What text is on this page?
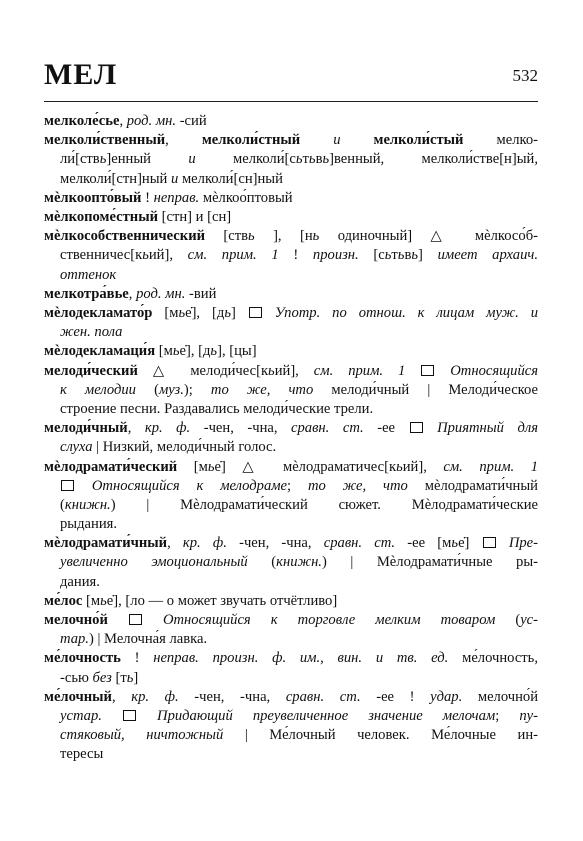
МЕЛ	532
мелколе́сье, род. мн. -сий
мелколи́ственный, мелколи́стный и мелколи́стый мелко-
ли́[ствь]енный и мелколи́[сьтьвь]венный, мелколи́стве[н]ый,
мелколи́[стн]ный и мелколи́[сн]ный
мѐлкоопто́вый ! неправ. мѐлкоо́птовый
мѐлкопоме́стный [стн] и [сн]
мѐлкособственнический [ствь ], [нь одиночный] △ мѐлкосо́б-
ственничес[кьий], см. прим. 1 ! произн. [сьтьвь] имеет архаич.
оттенок
мелкотра́вье, род. мн. -вий
мѐлодекламато́р [мье̇], [дь]  Употр. по отнош. к лицам муж. и
жен. пола
мѐлодекламаци́я [мье̇], [дь], [цы]
мелоди́ческий △ мелоди́чес[кьий], см. прим. 1	Относящийся
к мелодии (муз.); то же, что мелоди́чный | Мелоди́ческое
строение песни. Раздавались мелоди́ческие трели.
мелоди́чный, кр. ф. -чен, -чна, сравн. ст. -ее  Приятный для
слуха | Низкий, мелоди́чный голос.
мѐлодрамати́ческий [мье̇] △ мѐлодраматичес[кьий], см. прим. 1
Относящийся к мелодраме; то же, что мѐлодрамати́чный
(книжн.) | Мѐлодрамати́ческий сюжет. Мѐлодрамати́ческие
рыдания.
мѐлодрамати́чный, кр. ф. -чен, -чна, сравн. ст. -ее [мье̇]  Пре-
увеличенно эмоциональный (книжн.) | Мѐлодрамати́чные ры-
дания.
ме́лос [мье̇], [ло — о может звучать отчётливо]
мелочно́й	Относящийся к торговле мелким товаром (ус-
тар.) | Мелочна́я лавка.
ме́лочность ! неправ. произн. ф. им., вин. и тв. ед. ме́лочность,
-сью без [ть]
ме́лочный, кр. ф. -чен, -чна, сравн. ст. -ее ! удар. мелочно́й
устар.	Придающий преувеличенное значение мелочам; пу-
стяковый, ничтожный | Ме́лочный человек. Ме́лочные ин-
тересы
